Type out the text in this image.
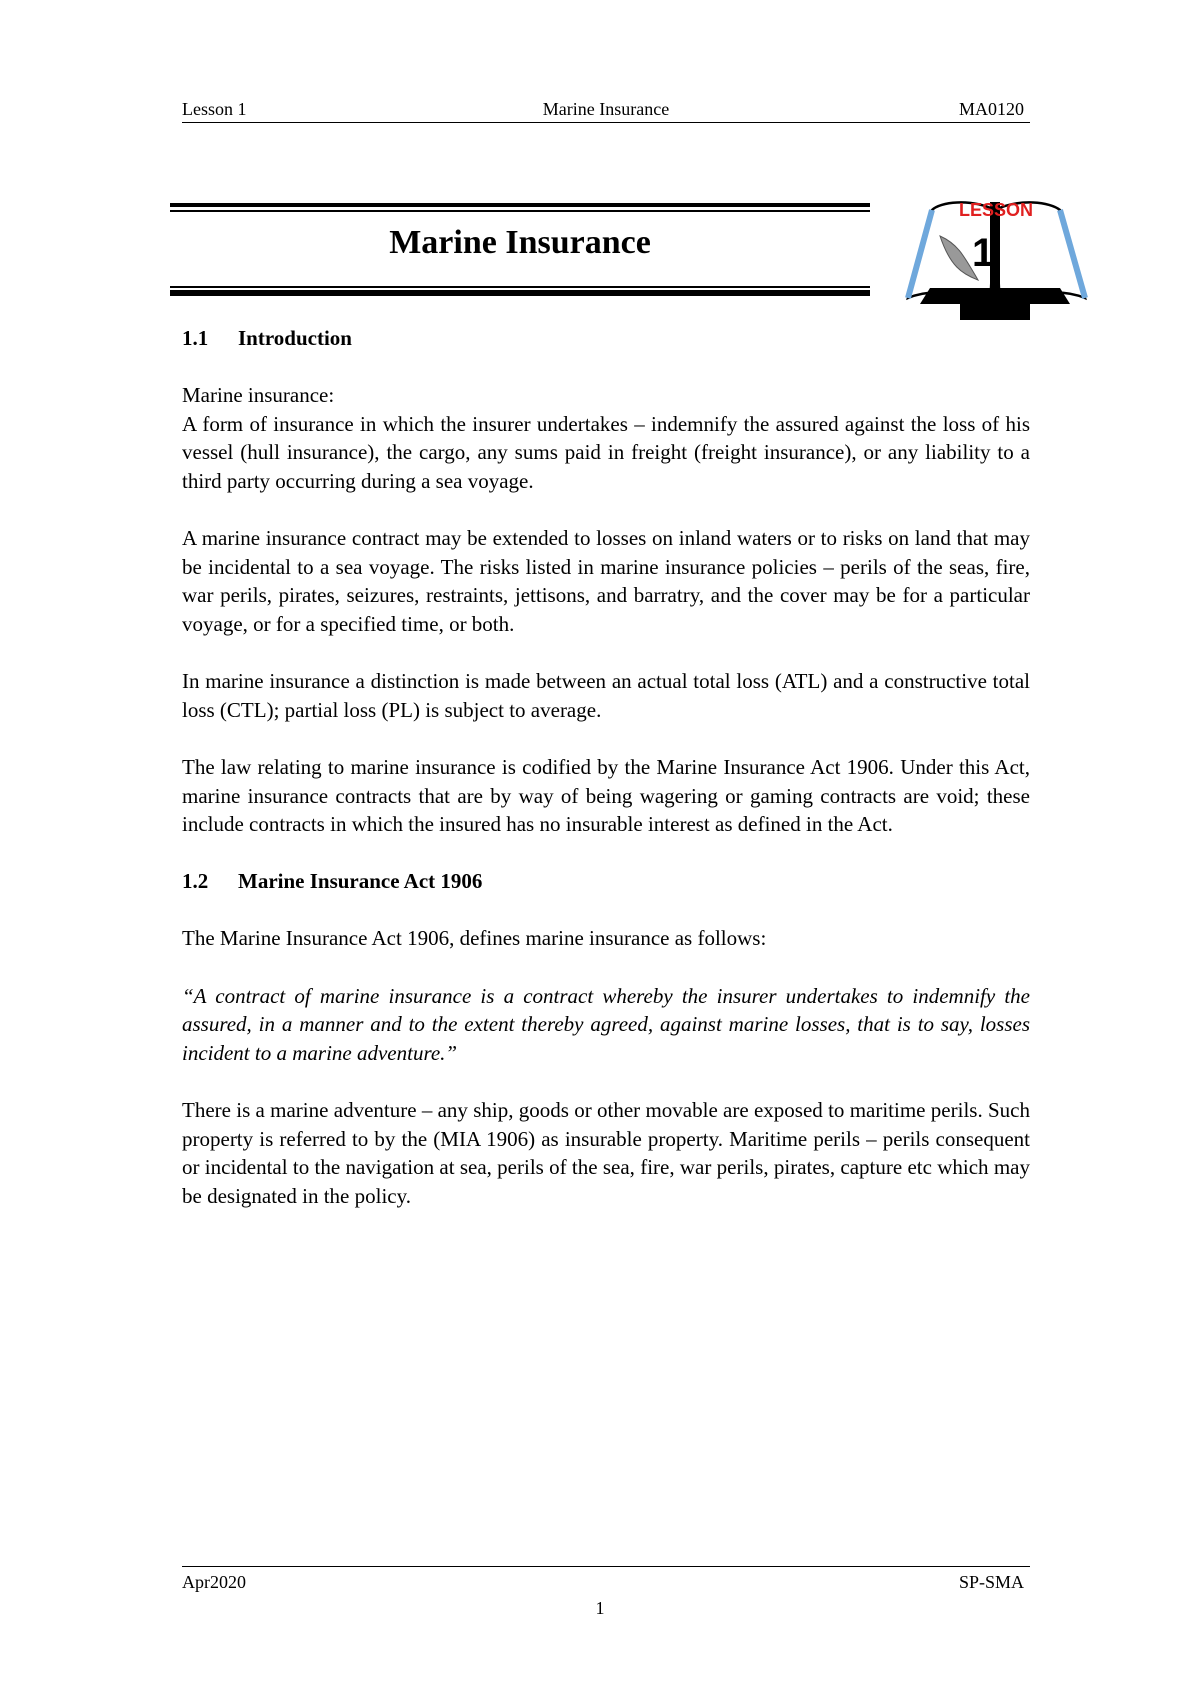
Lesson 1	Marine Insurance	MA0120
Marine Insurance
LESSON
1

1.1 Introduction

Marine insurance:

A form of insurance in which the insurer undertakes – indemnify the assured against the loss of his vessel (hull insurance), the cargo, any sums paid in freight (freight insurance), or any liability to a third party occurring during a sea voyage.

A marine insurance contract may be extended to losses on inland waters or to risks on land that may be incidental to a sea voyage. The risks listed in marine insurance policies – perils of the seas, fire, war perils, pirates, seizures, restraints, jettisons, and barratry, and the cover may be for a particular voyage, or for a specified time, or both.

In marine insurance a distinction is made between an actual total loss (ATL) and a constructive total loss (CTL); partial loss (PL) is subject to average.

The law relating to marine insurance is codified by the Marine Insurance Act 1906. Under this Act, marine insurance contracts that are by way of being wagering or gaming contracts are void; these include contracts in which the insured has no insurable interest as defined in the Act.

1.2 Marine Insurance Act 1906

The Marine Insurance Act 1906, defines marine insurance as follows:

“A contract of marine insurance is a contract whereby the insurer undertakes to indemnify the assured, in a manner and to the extent thereby agreed, against marine losses, that is to say, losses incident to a marine adventure.”

There is a marine adventure – any ship, goods or other movable are exposed to maritime perils. Such property is referred to by the (MIA 1906) as insurable property. Maritime perils – perils consequent or incidental to the navigation at sea, perils of the sea, fire, war perils, pirates, capture etc which may be designated in the policy.

Apr2020	SP-SMA
1
